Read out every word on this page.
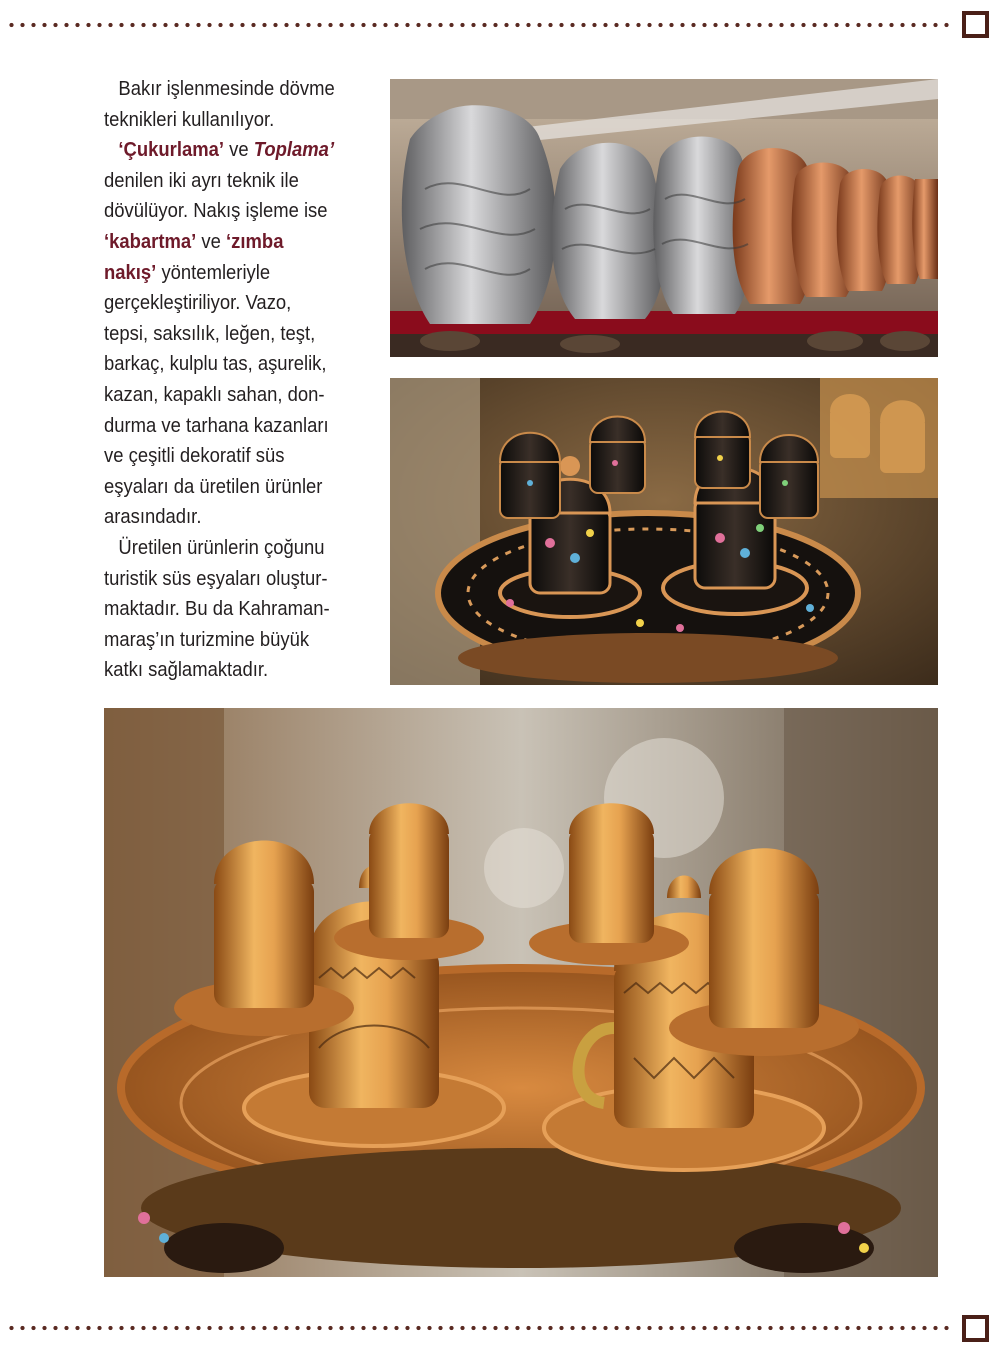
Bakır işlenmesinde dövme teknikleri kullanılıyor.

‘Çukurlama’ ve Toplama’ denilen iki ayrı teknik ile dövülüyor. Nakış işleme ise ‘kabartma’ ve ‘zımba nakış’ yöntemleriyle gerçekleştiriliyor. Vazo, tepsi, saksılık, leğen, teşt, barkaç, kulplu tas, aşurelik, kazan, kapaklı sahan, dondurma ve tarhana kazanları ve çeşitli dekoratif süs eşyaları da üretilen ürünler arasındadır.

Üretilen ürünlerin çoğunu turistik süs eşyaları oluşturmaktadır. Bu da Kahramanmaraş’ın turizmine büyük katkı sağlamaktadır.
